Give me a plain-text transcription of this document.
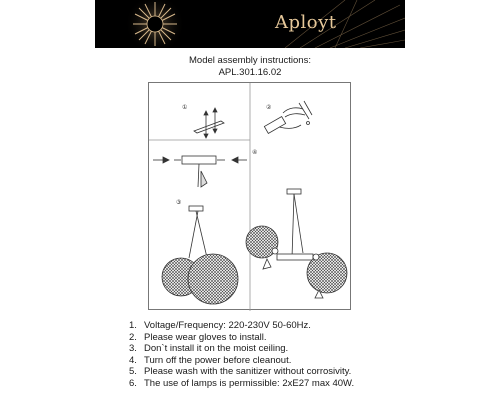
Aployt
Model assembly instructions:
APL.301.16.02
①	②
③
④
1. Voltage/Frequency: 220-230V 50-60Hz.
2. Please wear gloves to install.
3. Don`t install it on the moist ceiling.
4. Turn off the power before cleanout.
5. Please wash with the sanitizer without corrosivity.
6. The use of lamps is permissible: 2xE27 max 40W.
